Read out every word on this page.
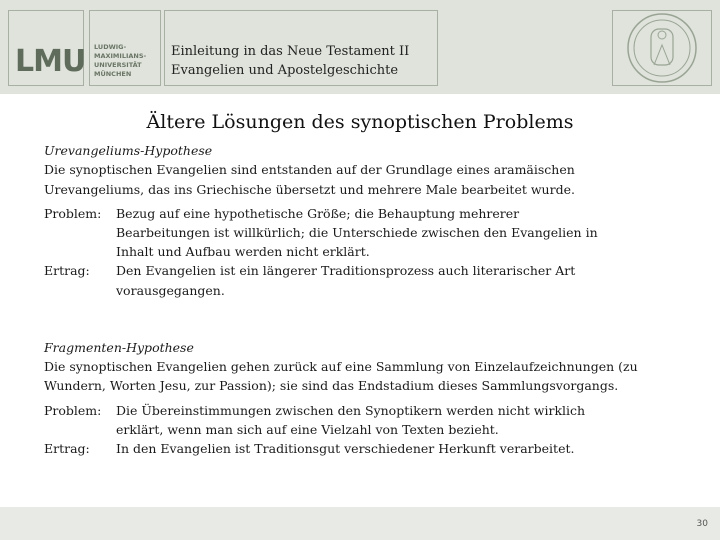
LMU LUDWIG-
MAXIMILIANS-
UNIVERSITÄT
MÜNCHEN
Einleitung in das Neue Testament II
Evangelien und Apostelgeschichte
Ältere Lösungen des synoptischen Problems
Urevangeliums-Hypothese
Die synoptischen Evangelien sind entstanden auf der Grundlage eines aramäischen
Urevangeliums, das ins Griechische übersetzt und mehrere Male bearbeitet wurde.
Problem: Bezug auf eine hypothetische Größe; die Behauptung mehrerer
Bearbeitungen ist willkürlich; die Unterschiede zwischen den Evangelien in
Inhalt und Aufbau werden nicht erklärt.
Ertrag: Den Evangelien ist ein längerer Traditionsprozess auch literarischer Art
vorausgegangen.
Fragmenten-Hypothese
Die synoptischen Evangelien gehen zurück auf eine Sammlung von Einzelaufzeichnungen (zu
Wundern, Worten Jesu, zur Passion); sie sind das Endstadium dieses Sammlungsvorgangs.
Problem: Die Übereinstimmungen zwischen den Synoptikern werden nicht wirklich
erklärt, wenn man sich auf eine Vielzahl von Texten bezieht.
Ertrag: In den Evangelien ist Traditionsgut verschiedener Herkunft verarbeitet.
30
